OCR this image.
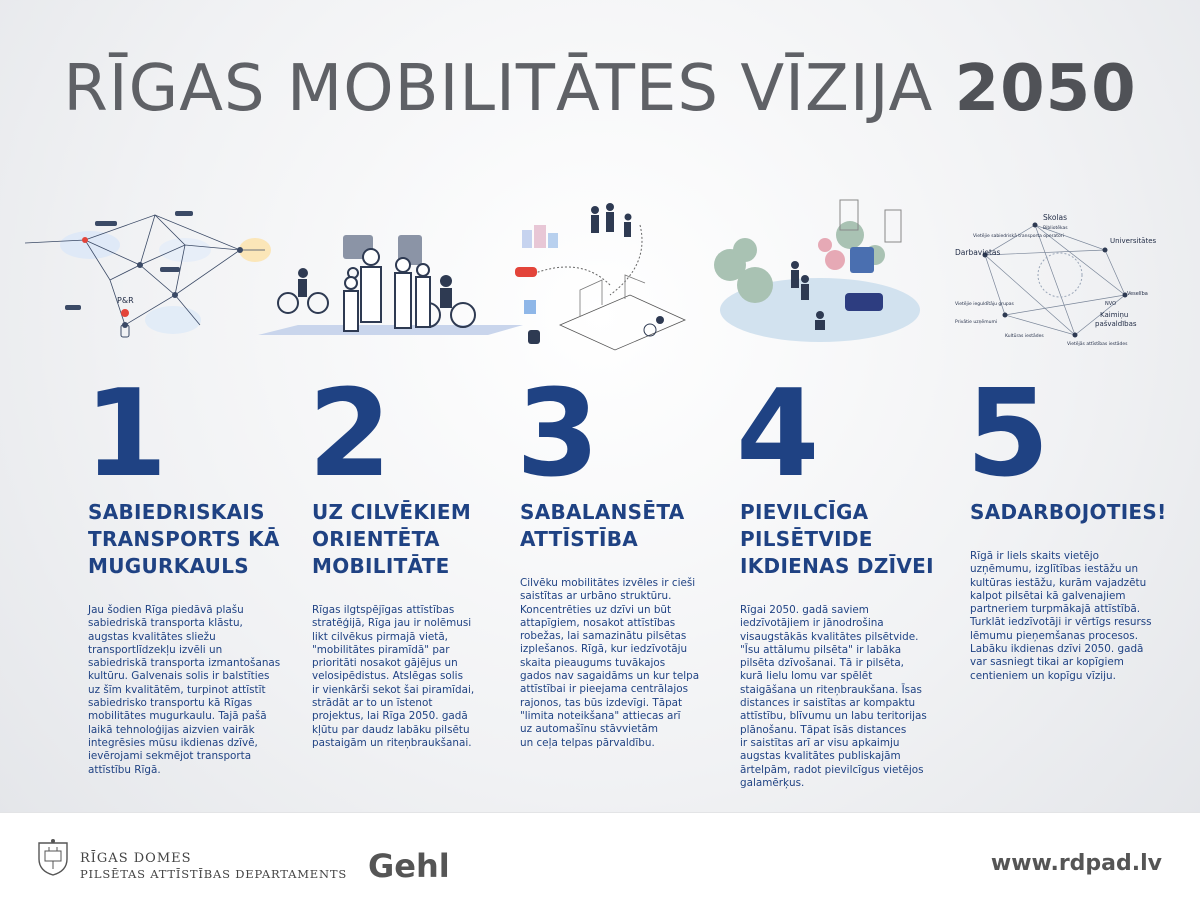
RĪGAS MOBILITĀTES VĪZIJA 2050
P&R
Skolas
Bibliotēkas
Vietējie sabiedriskā transporta operatori
Darbavietas
Universitātes
Veselība
NVO
Vietējie ieguldītāju grupas
Kaimiņu
pašvaldības
Privātie uzņēmumi
Kultūras iestādes
Vietējās attīstības iestādes
1
SABIEDRISKAIS
TRANSPORTS KĀ
MUGURKAULS
Jau šodien Rīga piedāvā plašu
sabiedriskā transporta klāstu,
augstas kvalitātes sliežu
transportlīdzekļu izvēli un
sabiedriskā transporta izmantošanas
kultūru. Galvenais solis ir balstīties
uz šīm kvalitātēm, turpinot attīstīt
sabiedrisko transportu kā Rīgas
mobilitātes mugurkaulu. Tajā pašā
laikā tehnoloģijas aizvien vairāk
integrēsies mūsu ikdienas dzīvē,
ievērojami sekmējot transporta
attīstību Rīgā.
2
UZ CILVĒKIEM
ORIENTĒTA
MOBILITĀTE
Rīgas ilgtspējīgas attīstības
stratēģijā, Rīga jau ir nolēmusi
likt cilvēkus pirmajā vietā,
"mobilitātes piramīdā" par
prioritāti nosakot gājējus un
velosipēdistus. Atslēgas solis
ir vienkārši sekot šai piramīdai,
strādāt ar to un īstenot
projektus, lai Rīga 2050. gadā
kļūtu par daudz labāku pilsētu
pastaigām un riteņbraukšanai.
3
SABALANSĒTA
ATTĪSTĪBA
Cilvēku mobilitātes izvēles ir cieši
saistītas ar urbāno struktūru.
Koncentrēties uz dzīvi un būt
attapīgiem, nosakot attīstības
robežas, lai samazinātu pilsētas
izplešanos. Rīgā, kur iedzīvotāju
skaita pieaugums tuvākajos
gados nav sagaidāms un kur telpa
attīstībai ir pieejama centrālajos
rajonos, tas būs izdevīgi. Tāpat
"limita noteikšana" attiecas arī
uz automašīnu stāvvietām
un ceļa telpas pārvaldību.
4
PIEVILCĪGA
PILSĒTVIDE
IKDIENAS DZĪVEI
Rīgai 2050. gadā saviem
iedzīvotājiem ir jānodrošina
visaugstākās kvalitātes pilsētvide.
"Īsu attālumu pilsēta" ir labāka
pilsēta dzīvošanai. Tā ir pilsēta,
kurā lielu lomu var spēlēt
staigāšana un riteņbraukšana. Īsas
distances ir saistītas ar kompaktu
attīstību, blīvumu un labu teritorijas
plānošanu. Tāpat īsās distances
ir saistītas arī ar visu apkaimju
augstas kvalitātes publiskajām
ārtelpām, radot pievilcīgus vietējos
galamērķus.
5
SADARBOJOTIES!
Rīgā ir liels skaits vietējo
uzņēmumu, izglītības iestāžu un
kultūras iestāžu, kurām vajadzētu
kalpot pilsētai kā galvenajiem
partneriem turpmākajā attīstībā.
Turklāt iedzīvotāji ir vērtīgs resurss
lēmumu pieņemšanas procesos.
Labāku ikdienas dzīvi 2050. gadā
var sasniegt tikai ar kopīgiem
centieniem un kopīgu vīziju.
RĪGAS DOMES
PILSĒTAS ATTĪSTĪBAS DEPARTAMENTS Gehl	www.rdpad.lv
